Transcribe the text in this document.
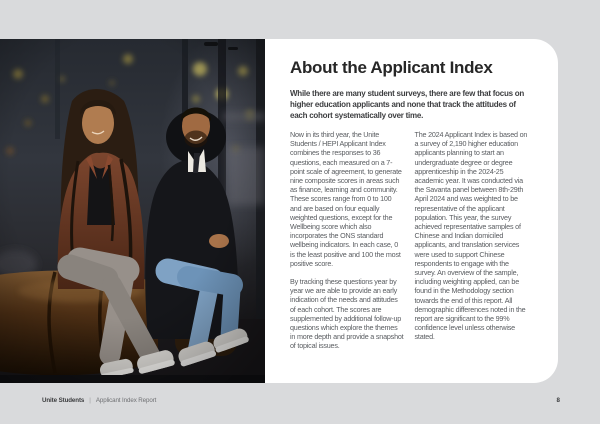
About the Applicant Index

While there are many student surveys, there are few that focus on higher education applicants and none that track the attitudes of each cohort systematically over time.

Now in its third year, the Unite Students / HEPI Applicant Index combines the responses to 36 questions, each measured on a 7-point scale of agreement, to generate nine composite scores in areas such as finance, learning and community. These scores range from 0 to 100 and are based on four equally weighted questions, except for the Wellbeing score which also incorporates the ONS standard wellbeing indicators. In each case, 0 is the least positive and 100 the most positive score.

By tracking these questions year by year we are able to provide an early indication of the needs and attitudes of each cohort. The scores are supplemented by additional follow-up questions which explore the themes in more depth and provide a snapshot of topical issues.

The 2024 Applicant Index is based on a survey of 2,190 higher education applicants planning to start an undergraduate degree or degree apprenticeship in the 2024-25 academic year. It was conducted via the Savanta panel between 8th-29th April 2024 and was weighted to be representative of the applicant population. This year, the survey achieved representative samples of Chinese and Indian domiciled applicants, and translation services were used to support Chinese respondents to engage with the survey. An overview of the sample, including weighting applied, can be found in the Methodology section towards the end of this report. All demographic differences noted in the report are significant to the 99% confidence level unless otherwise stated.

Unite Students | Applicant Index Report	8
